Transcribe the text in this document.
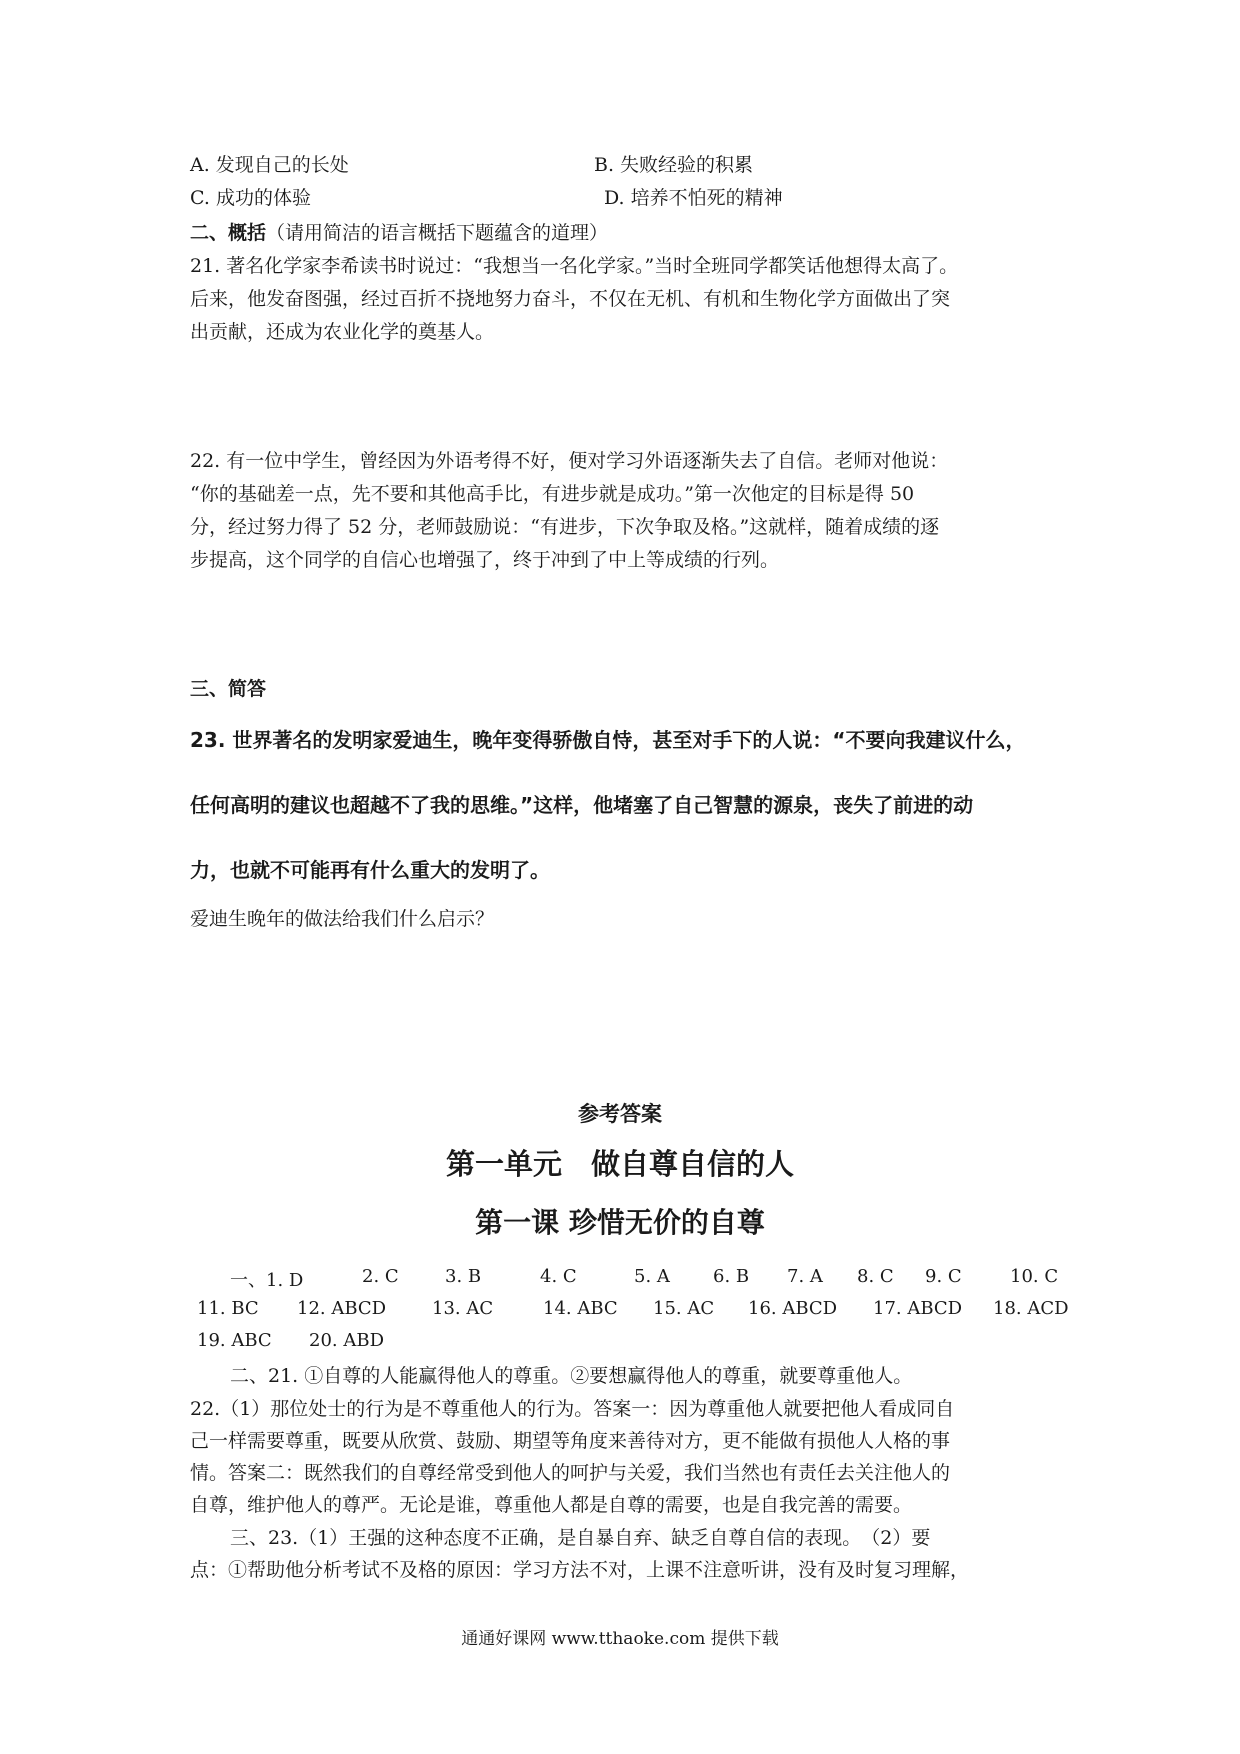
A. 发现自己的长处	B. 失败经验的积累
C. 成功的体验	D. 培养不怕死的精神
二、概括（请用简洁的语言概括下题蕴含的道理）
21. 著名化学家李希读书时说过：“我想当一名化学家。”当时全班同学都笑话他想得太高了。
后来，他发奋图强，经过百折不挠地努力奋斗，不仅在无机、有机和生物化学方面做出了突
出贡献，还成为农业化学的奠基人。
22. 有一位中学生，曾经因为外语考得不好，便对学习外语逐渐失去了自信。老师对他说：
“你的基础差一点，先不要和其他高手比，有进步就是成功。”第一次他定的目标是得 50
分，经过努力得了 52 分，老师鼓励说：“有进步，下次争取及格。”这就样，随着成绩的逐
步提高，这个同学的自信心也增强了，终于冲到了中上等成绩的行列。
三、简答
23. 世界著名的发明家爱迪生，晚年变得骄傲自恃，甚至对手下的人说：“不要向我建议什么，
任何高明的建议也超越不了我的思维。”这样，他堵塞了自己智慧的源泉，丧失了前进的动
力，也就不可能再有什么重大的发明了。
爱迪生晚年的做法给我们什么启示？
参考答案
第一单元　做自尊自信的人
第一课 珍惜无价的自尊
一、1. D	2. C	3. B	4. C	5. A 6. B 7. A 8. C 9. C	10. C
11. BC 12. ABCD	13. AC	14. ABC 15. AC 16. ABCD 17. ABCD 18. ACD
19. ABC 20. ABD
二、21. ①自尊的人能赢得他人的尊重。②要想赢得他人的尊重，就要尊重他人。
22.（1）那位处士的行为是不尊重他人的行为。答案一：因为尊重他人就要把他人看成同自
己一样需要尊重，既要从欣赏、鼓励、期望等角度来善待对方，更不能做有损他人人格的事
情。答案二：既然我们的自尊经常受到他人的呵护与关爱，我们当然也有责任去关注他人的
自尊，维护他人的尊严。无论是谁，尊重他人都是自尊的需要，也是自我完善的需要。
三、23.（1）王强的这种态度不正确，是自暴自弃、缺乏自尊自信的表现。　（2）要
点：①帮助他分析考试不及格的原因：学习方法不对，上课不注意听讲，没有及时复习理解，
通通好课网 www.tthaoke.com 提供下载
